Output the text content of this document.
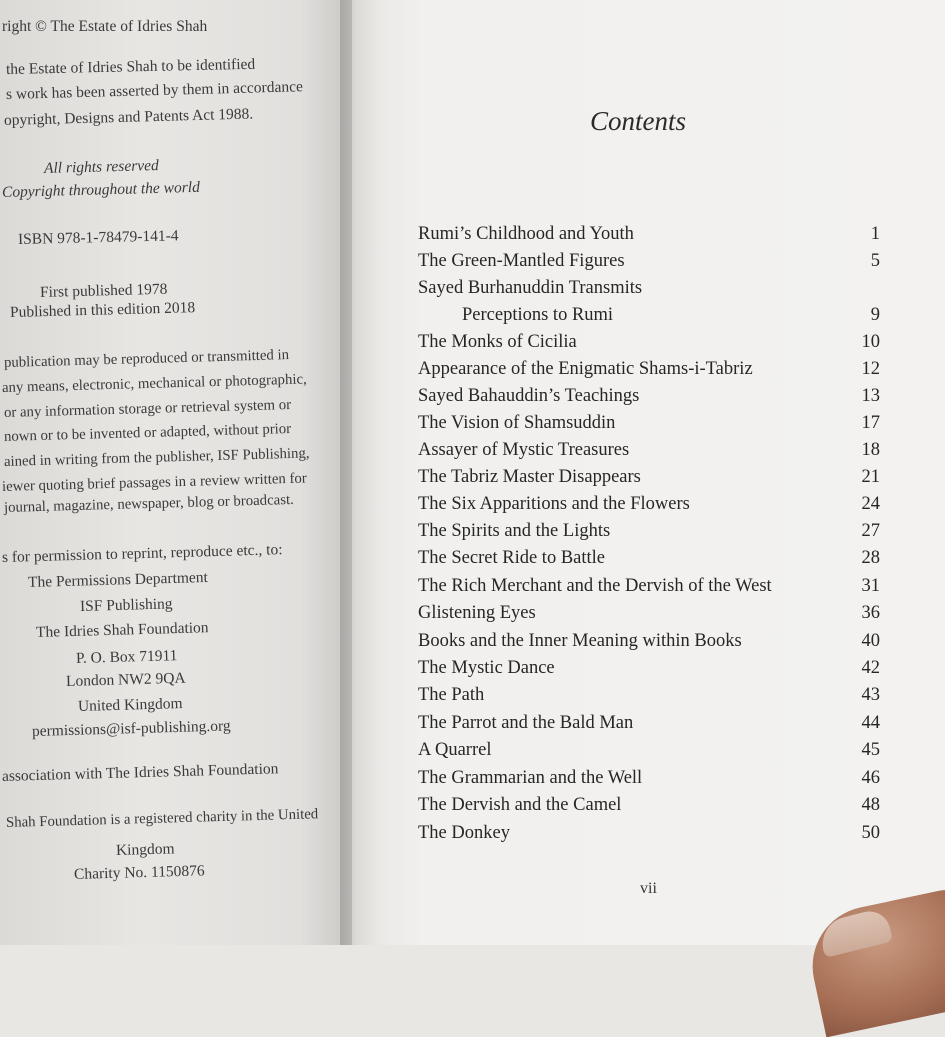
right © The Estate of Idries Shah
the Estate of Idries Shah to be identified
s work has been asserted by them in accordance
opyright, Designs and Patents Act 1988.
All rights reserved
Copyright throughout the world
ISBN 978-1-78479-141-4
First published 1978
Published in this edition 2018
publication may be reproduced or transmitted in
any means, electronic, mechanical or photographic,
or any information storage or retrieval system or
nown or to be invented or adapted, without prior
ained in writing from the publisher, ISF Publishing,
iewer quoting brief passages in a review written for
journal, magazine, newspaper, blog or broadcast.
s for permission to reprint, reproduce etc., to:
The Permissions Department
ISF Publishing
The Idries Shah Foundation
P. O. Box 71911
London NW2 9QA
United Kingdom
permissions@isf-publishing.org
association with The Idries Shah Foundation
Shah Foundation is a registered charity in the United
Kingdom
Charity No. 1150876
Contents
Rumi’s Childhood and Youth	1
The Green-Mantled Figures	5
Sayed Burhanuddin Transmits
Perceptions to Rumi	9
The Monks of Cicilia	10
Appearance of the Enigmatic Shams-i-Tabriz	12
Sayed Bahauddin’s Teachings	13
The Vision of Shamsuddin	17
Assayer of Mystic Treasures	18
The Tabriz Master Disappears	21
The Six Apparitions and the Flowers	24
The Spirits and the Lights	27
The Secret Ride to Battle	28
The Rich Merchant and the Dervish of the West	31
Glistening Eyes	36
Books and the Inner Meaning within Books	40
The Mystic Dance	42
The Path	43
The Parrot and the Bald Man	44
A Quarrel	45
The Grammarian and the Well	46
The Dervish and the Camel	48
The Donkey	50
vii
